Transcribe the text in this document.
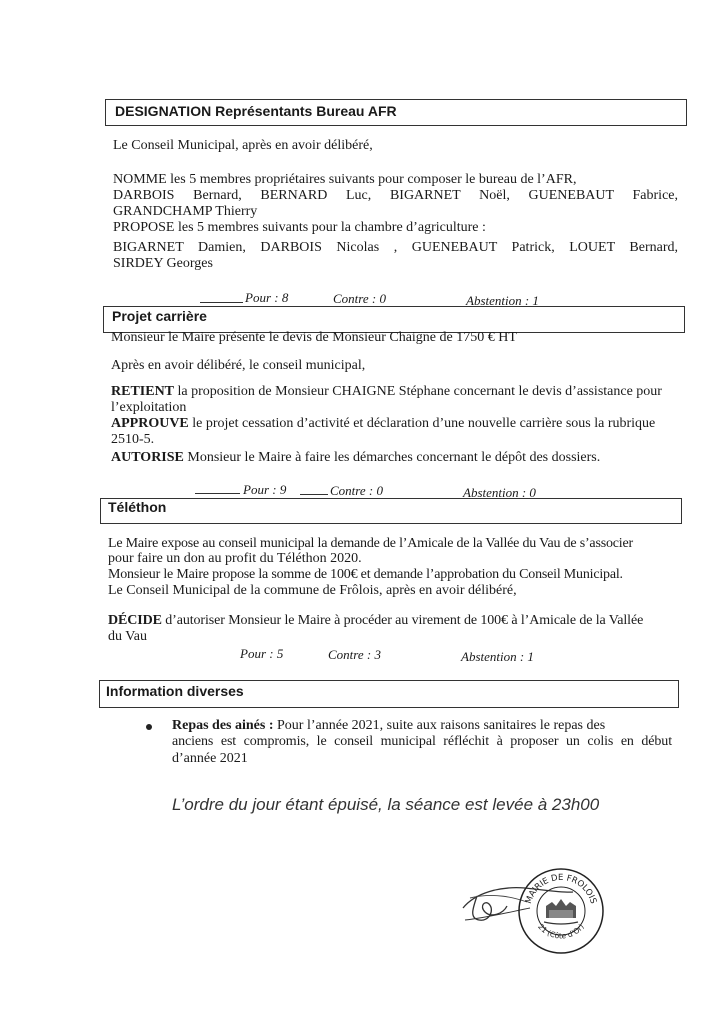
DESIGNATION Représentants Bureau AFR
Le Conseil Municipal, après en avoir délibéré,
NOMME les 5 membres propriétaires suivants pour composer le bureau de l’AFR,
DARBOIS Bernard, BERNARD Luc, BIGARNET Noël, GUENEBAUT Fabrice,
GRANDCHAMP Thierry
PROPOSE les 5 membres suivants pour la chambre d’agriculture :
BIGARNET Damien, DARBOIS Nicolas , GUENEBAUT Patrick, LOUET Bernard,
SIRDEY Georges
Pour : 8	Contre : 0	Abstention : 1
Projet carrière
Monsieur le Maire présente le devis de Monsieur Chaigne de 1750 € HT
Après en avoir délibéré, le conseil municipal,
RETIENT la proposition de Monsieur CHAIGNE Stéphane concernant le devis d’assistance pour
l’exploitation
APPROUVE le projet cessation d’activité et déclaration d’une nouvelle carrière sous la rubrique
2510-5.
AUTORISE Monsieur le Maire à faire les démarches concernant le dépôt des dossiers.
Pour : 9	Contre : 0	Abstention : 0
Téléthon
Le Maire expose au conseil municipal la demande de l’Amicale de la Vallée du Vau de s’associer
pour faire un don au profit du Téléthon 2020.
Monsieur le Maire propose la somme de 100€ et demande l’approbation du Conseil Municipal.
Le Conseil Municipal de la commune de Frôlois, après en avoir délibéré,
DÉCIDE d’autoriser Monsieur le Maire à procéder au virement de 100€ à l’Amicale de la Vallée
du Vau
Pour : 5	Contre : 3	Abstention : 1
Information diverses
Repas des ainés : Pour l’année 2021, suite aux raisons sanitaires le repas des
anciens est compromis, le conseil municipal réfléchit à proposer un colis en début
d’année 2021
L’ordre du jour étant épuisé, la séance est levée à 23h00
MAIRIE DE FROLOIS
21 (Côte d’Or)
